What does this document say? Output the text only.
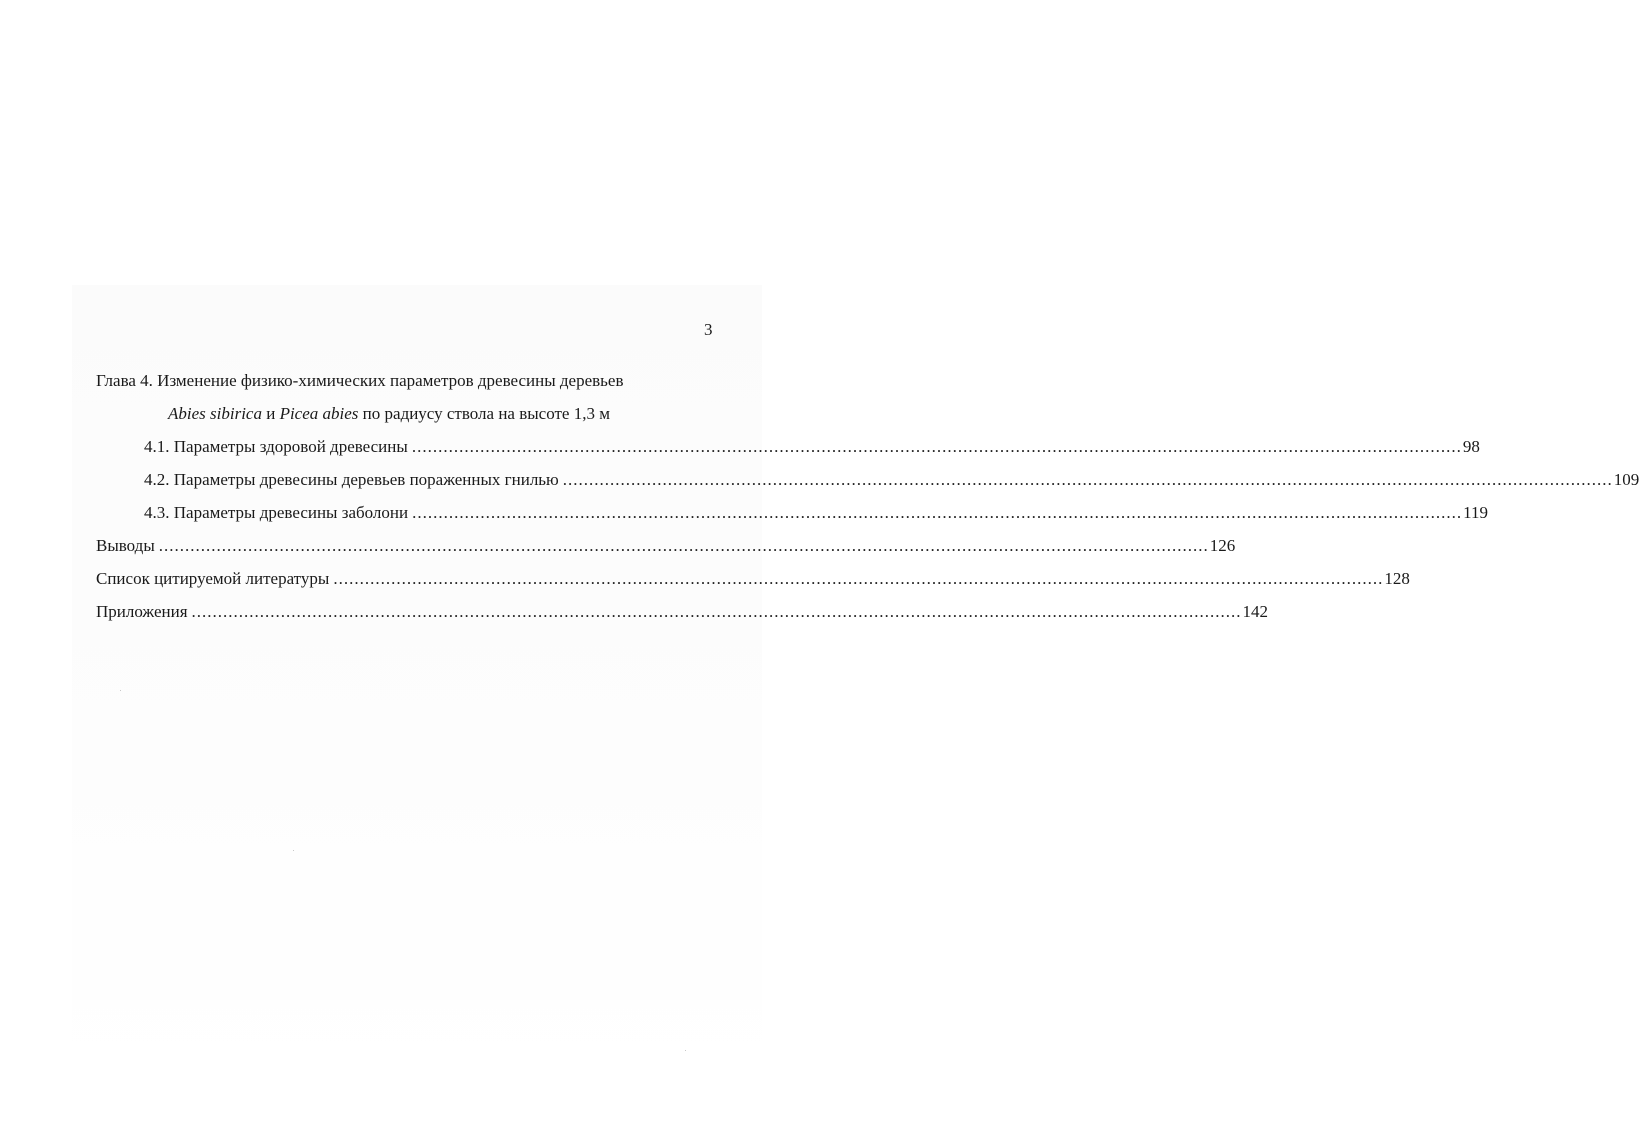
3
Глава 4. Изменение физико-химических параметров древесины деревьев
Abies sibirica и Picea abies по радиусу ствола на высоте 1,3 м
4.1. Параметры здоровой древесины ........................................................................................................................................................................................................ 98
4.2. Параметры древесины деревьев пораженных гнилью ........................................................................................................................................................................................................ 109
4.3. Параметры древесины заболони ........................................................................................................................................................................................................ 119
Выводы ........................................................................................................................................................................................................ 126
Список цитируемой литературы ........................................................................................................................................................................................................ 128
Приложения ........................................................................................................................................................................................................ 142
